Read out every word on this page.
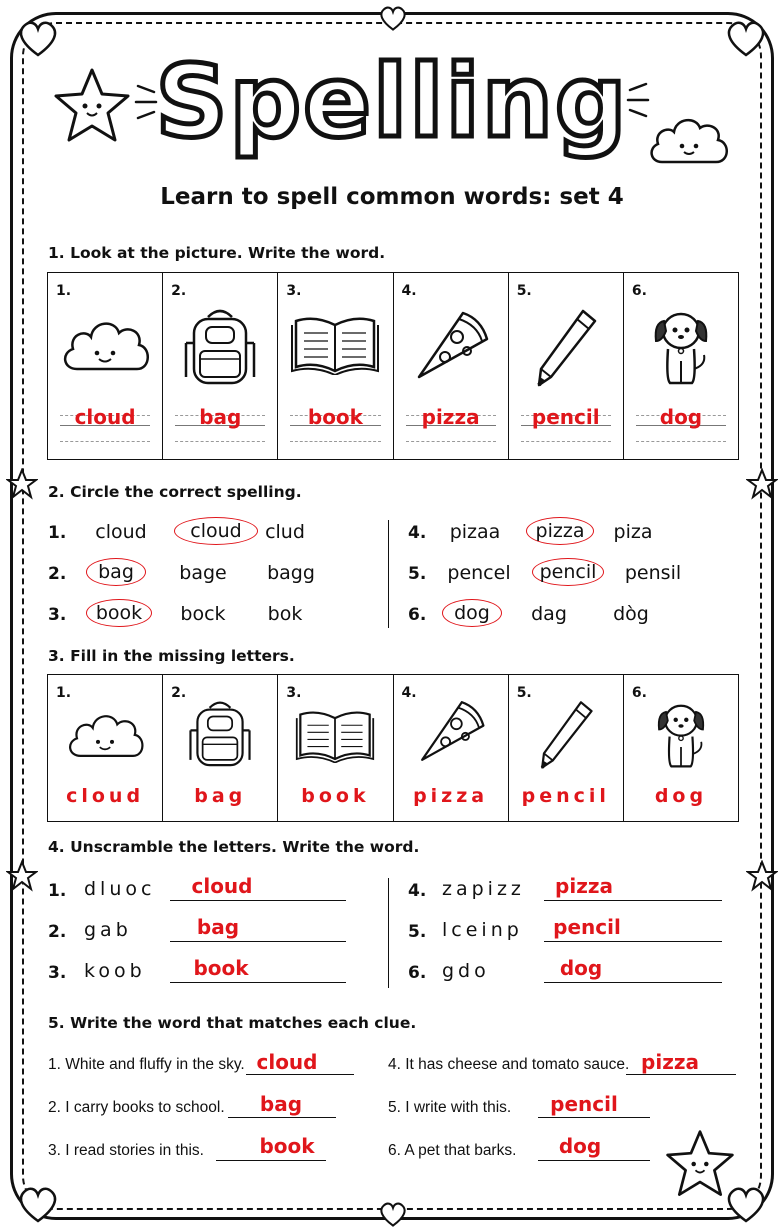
Spelling
Learn to spell common words: set 4
1. Look at the picture. Write the word.
1.
cloud
2.
bag
3.
book
4.
pizza
5.
pencil
6.
dog
2. Circle the correct spelling.
1.	cloud	cloud	clud
2.	bag	bage	bagg
3.	book	bock	bok
4.	pizaa	pizza	piza
5.	pencel	pencil	pensil
6.	dog	dag	dòg
3. Fill in the missing letters.
1.
cloud
2.
bag
3.
book
4.
pizza
5.
pencil
6.
dog
4. Unscramble the letters. Write the word.
1. dluoc	cloud
2. gab	bag
3. koob	book
4. zapizz	pizza
5. lceinp	pencil
6. gdo	dog
5. Write the word that matches each clue.
1. White and fluffy in the sky. cloud
2. I carry books to school.	bag
3. I read stories in this.	book
4. It has cheese and tomato sauce. pizza
5. I write with this. pencil
6. A pet that barks.	dog
